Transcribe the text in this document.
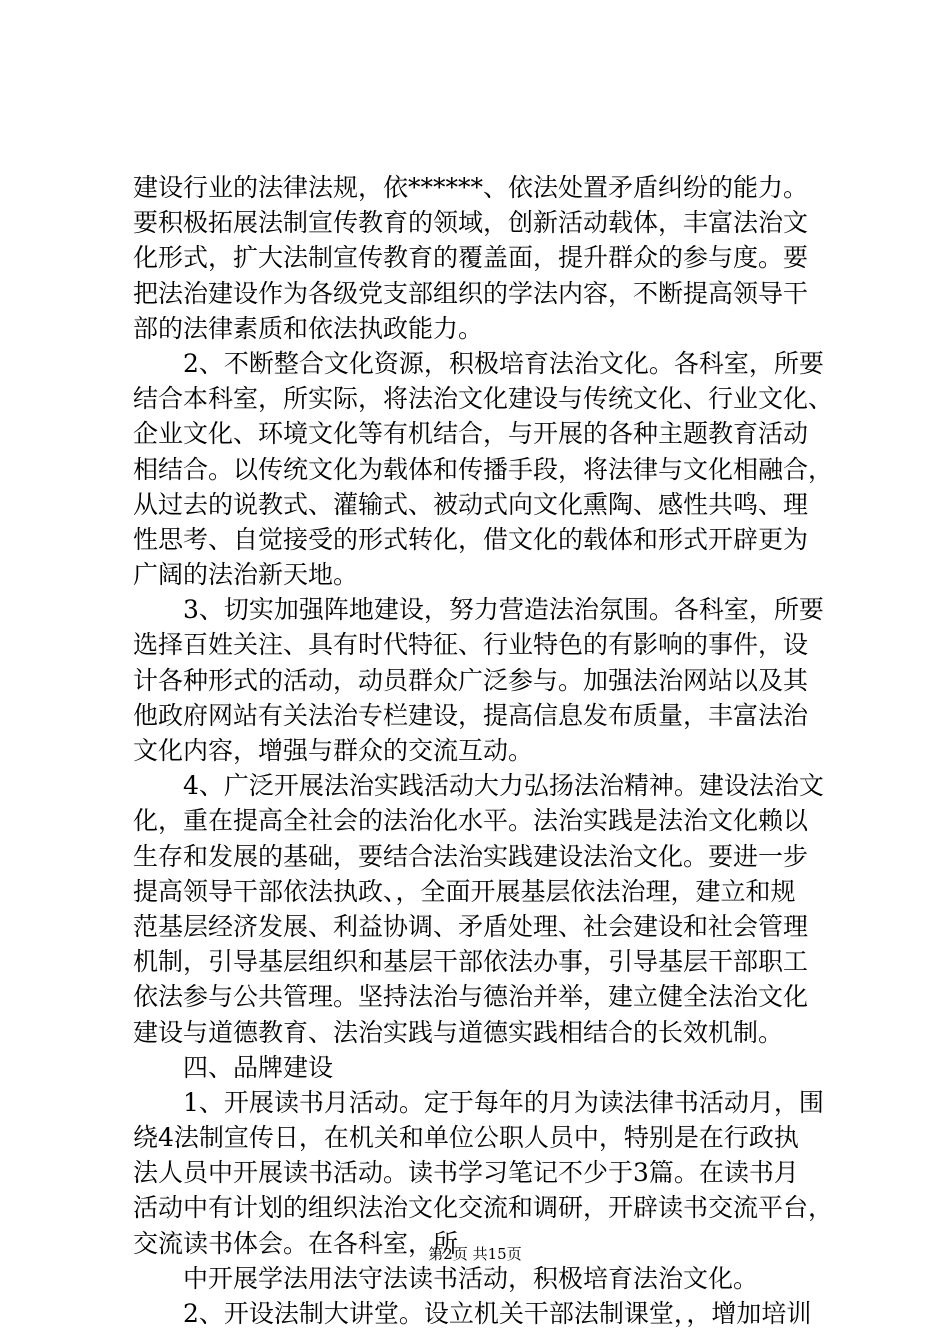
建设行业的法律法规，依******、依法处置矛盾纠纷的能力。
要积极拓展法制宣传教育的领域，创新活动载体，丰富法治文
化形式，扩大法制宣传教育的覆盖面，提升群众的参与度。要
把法治建设作为各级党支部组织的学法内容，不断提高领导干
部的法律素质和依法执政能力。
　　2、不断整合文化资源，积极培育法治文化。各科室，所要
结合本科室，所实际，将法治文化建设与传统文化、行业文化、
企业文化、环境文化等有机结合，与开展的各种主题教育活动
相结合。以传统文化为载体和传播手段，将法律与文化相融合，
从过去的说教式、灌输式、被动式向文化熏陶、感性共鸣、理
性思考、自觉接受的形式转化，借文化的载体和形式开辟更为
广阔的法治新天地。
　　3、切实加强阵地建设，努力营造法治氛围。各科室，所要
选择百姓关注、具有时代特征、行业特色的有影响的事件，设
计各种形式的活动，动员群众广泛参与。加强法治网站以及其
他政府网站有关法治专栏建设，提高信息发布质量，丰富法治
文化内容，增强与群众的交流互动。
　　4、广泛开展法治实践活动大力弘扬法治精神。建设法治文
化，重在提高全社会的法治化水平。法治实践是法治文化赖以
生存和发展的基础，要结合法治实践建设法治文化。要进一步
提高领导干部依法执政、，全面开展基层依法治理，建立和规
范基层经济发展、利益协调、矛盾处理、社会建设和社会管理
机制，引导基层组织和基层干部依法办事，引导基层干部职工
依法参与公共管理。坚持法治与德治并举，建立健全法治文化
建设与道德教育、法治实践与道德实践相结合的长效机制。
　　四、品牌建设
　　1、开展读书月活动。定于每年的月为读法律书活动月，围
绕4法制宣传日，在机关和单位公职人员中，特别是在行政执
法人员中开展读书活动。读书学习笔记不少于3篇。在读书月
活动中有计划的组织法治文化交流和调研，开辟读书交流平台，
交流读书体会。在各科室，所
　　中开展学法用法守法读书活动，积极培育法治文化。
　　2、开设法制大讲堂。设立机关干部法制课堂，，增加培训
第2页 共15页
